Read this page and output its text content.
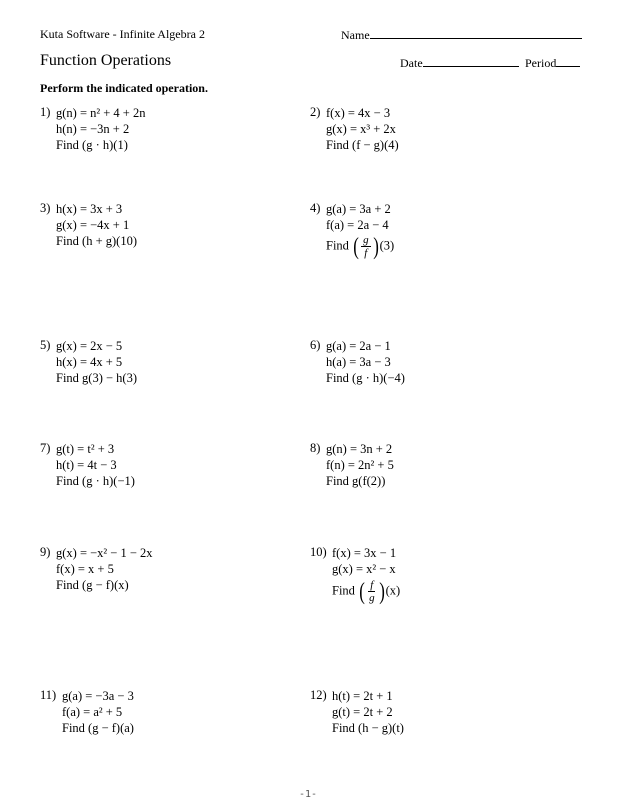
Kuta Software - Infinite Algebra 2	Name
Function Operations	Date	Period
Perform the indicated operation.
1) g(n) = n² + 4 + 2n
h(n) = −3n + 2
Find (g · h)(1)
2) f(x) = 4x − 3
g(x) = x³ + 2x
Find (f − g)(4)
3) h(x) = 3x + 3
g(x) = −4x + 1
Find (h + g)(10)
4) g(a) = 3a + 2
f(a) = 2a − 4
Find ( $\frac{g}{f} )(3)$
5) g(x) = 2x − 5
h(x) = 4x + 5
Find g(3) − h(3)
6) g(a) = 2a − 1
h(a) = 3a − 3
Find (g · h)(−4)
7) g(t) = t² + 3
h(t) = 4t − 3
Find (g · h)(−1)
8) g(n) = 3n + 2
f(n) = 2n² + 5
Find g(f(2))
9) g(x) = −x² − 1 − 2x
f(x) = x + 5
Find (g − f)(x)
10) f(x) = 3x − 1
g(x) = x² − x
Find ( $\frac{f}{g} )(x)$
11) g(a) = −3a − 3
f(a) = a² + 5
Find (g − f)(a)
12) h(t) = 2t + 1
g(t) = 2t + 2
Find (h − g)(t)
-1-
